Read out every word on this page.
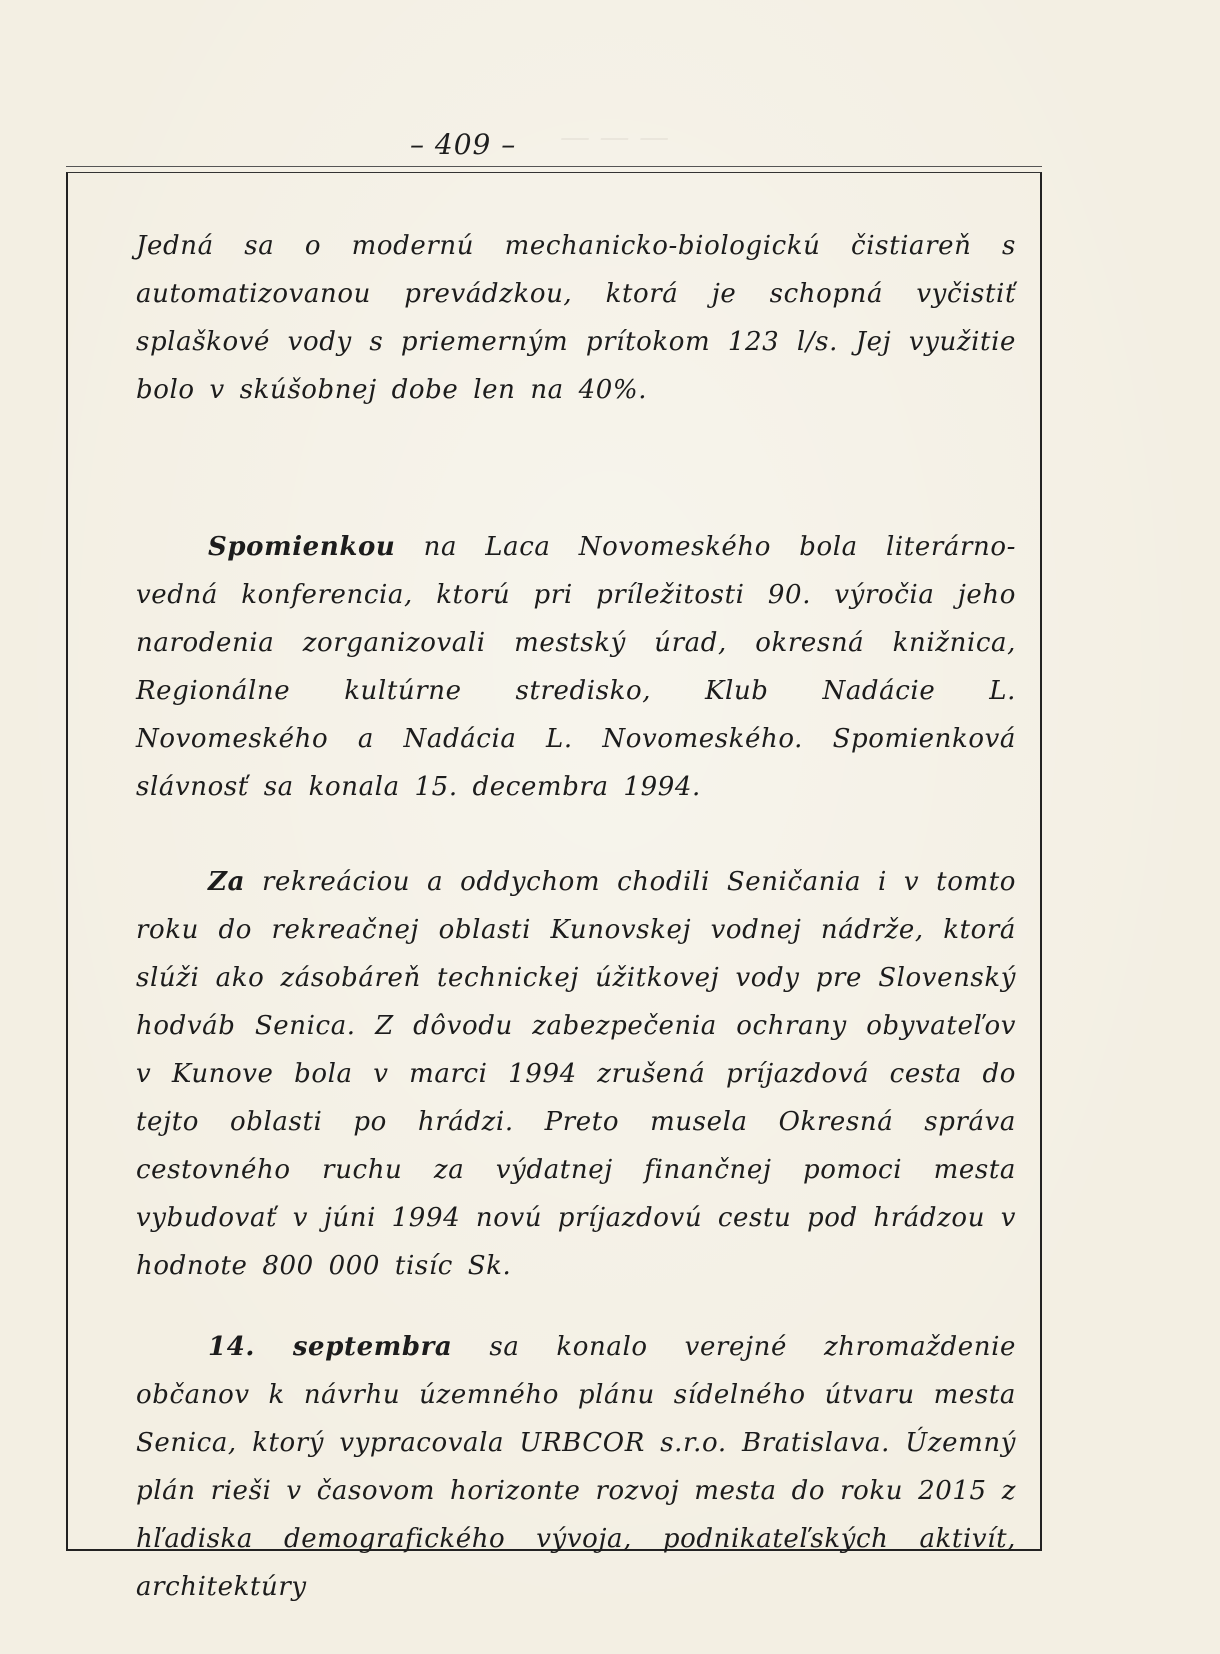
— — —
– 409 –

Jedná sa o modernú mechanicko-biologickú čistiareň s automatizovanou prevádzkou, ktorá je schopná vyčistiť splaškové vody s priemerným prítokom 123 l/s. Jej využitie bolo v skúšobnej dobe len na 40%.

Spomienkou na Laca Novomeského bola literárno-vedná konferencia, ktorú pri príležitosti 90. výročia jeho narodenia zorganizovali mestský úrad, okresná knižnica, Regionálne kultúrne stredisko, Klub Nadácie L. Novomeského a Nadácia L. Novomeského. Spomienková slávnosť sa konala 15. decembra 1994.

Za rekreáciou a oddychom chodili Seničania i v tomto roku do rekreačnej oblasti Kunovskej vodnej nádrže, ktorá slúži ako zásobáreň technickej úžitkovej vody pre Slovenský hodváb Senica. Z dôvodu zabezpečenia ochrany obyvateľov v Kunove bola v marci 1994 zrušená príjazdová cesta do tejto oblasti po hrádzi. Preto musela Okresná správa cestovného ruchu za výdatnej finančnej pomoci mesta vybudovať v júni 1994 novú príjazdovú cestu pod hrádzou v hodnote 800 000 tisíc Sk.

14. septembra sa konalo verejné zhromaždenie občanov k návrhu územného plánu sídelného útvaru mesta Senica, ktorý vypracovala URBCOR s.r.o. Bratislava. Územný plán rieši v časovom horizonte rozvoj mesta do roku 2015 z hľadiska demografického vývoja, podnikateľských aktivít, architektúry
